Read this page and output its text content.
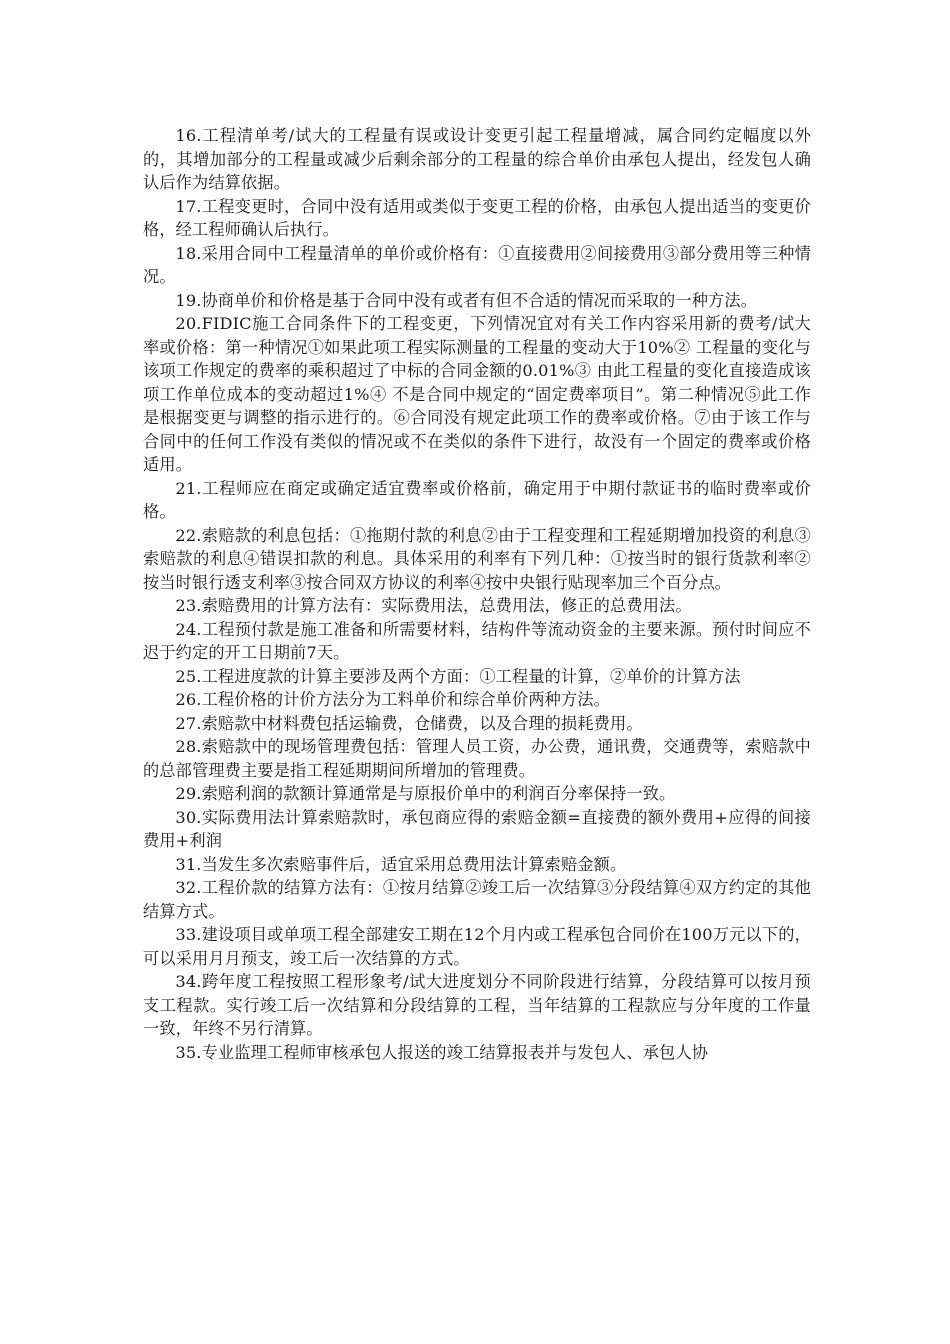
16.工程清单考/试大的工程量有误或设计变更引起工程量增减，属合同约定幅度以外的，其增加部分的工程量或减少后剩余部分的工程量的综合单价由承包人提出，经发包人确认后作为结算依据。

17.工程变更时，合同中没有适用或类似于变更工程的价格，由承包人提出适当的变更价格，经工程师确认后执行。

18.采用合同中工程量清单的单价或价格有：①直接费用②间接费用③部分费用等三种情况。

19.协商单价和价格是基于合同中没有或者有但不合适的情况而采取的一种方法。

20.FIDIC施工合同条件下的工程变更，下列情况宜对有关工作内容采用新的费考/试大率或价格：第一种情况①如果此项工程实际测量的工程量的变动大于10%② 工程量的变化与该项工作规定的费率的乘积超过了中标的合同金额的0.01%③ 由此工程量的变化直接造成该项工作单位成本的变动超过1%④ 不是合同中规定的“固定费率项目”。第二种情况⑤此工作是根据变更与调整的指示进行的。⑥合同没有规定此项工作的费率或价格。⑦由于该工作与合同中的任何工作没有类似的情况或不在类似的条件下进行，故没有一个固定的费率或价格适用。

21.工程师应在商定或确定适宜费率或价格前，确定用于中期付款证书的临时费率或价格。

22.索赔款的利息包括：①拖期付款的利息②由于工程变理和工程延期增加投资的利息③索赔款的利息④错误扣款的利息。具体采用的利率有下列几种：①按当时的银行货款利率②按当时银行透支利率③按合同双方协议的利率④按中央银行贴现率加三个百分点。

23.索赔费用的计算方法有：实际费用法，总费用法，修正的总费用法。

24.工程预付款是施工准备和所需要材料，结构件等流动资金的主要来源。预付时间应不迟于约定的开工日期前7天。

25.工程进度款的计算主要涉及两个方面：①工程量的计算，②单价的计算方法

26.工程价格的计价方法分为工料单价和综合单价两种方法。

27.索赔款中材料费包括运输费，仓储费，以及合理的损耗费用。

28.索赔款中的现场管理费包括：管理人员工资，办公费，通讯费，交通费等，索赔款中的总部管理费主要是指工程延期期间所增加的管理费。

29.索赔利润的款额计算通常是与原报价单中的利润百分率保持一致。

30.实际费用法计算索赔款时，承包商应得的索赔金额=直接费的额外费用+应得的间接费用+利润

31.当发生多次索赔事件后，适宜采用总费用法计算索赔金额。

32.工程价款的结算方法有：①按月结算②竣工后一次结算③分段结算④双方约定的其他结算方式。

33.建设项目或单项工程全部建安工期在12个月内或工程承包合同价在100万元以下的，可以采用月月预支，竣工后一次结算的方式。

34.跨年度工程按照工程形象考/试大进度划分不同阶段进行结算，分段结算可以按月预支工程款。实行竣工后一次结算和分段结算的工程，当年结算的工程款应与分年度的工作量一致，年终不另行清算。

35.专业监理工程师审核承包人报送的竣工结算报表并与发包人、承包人协
